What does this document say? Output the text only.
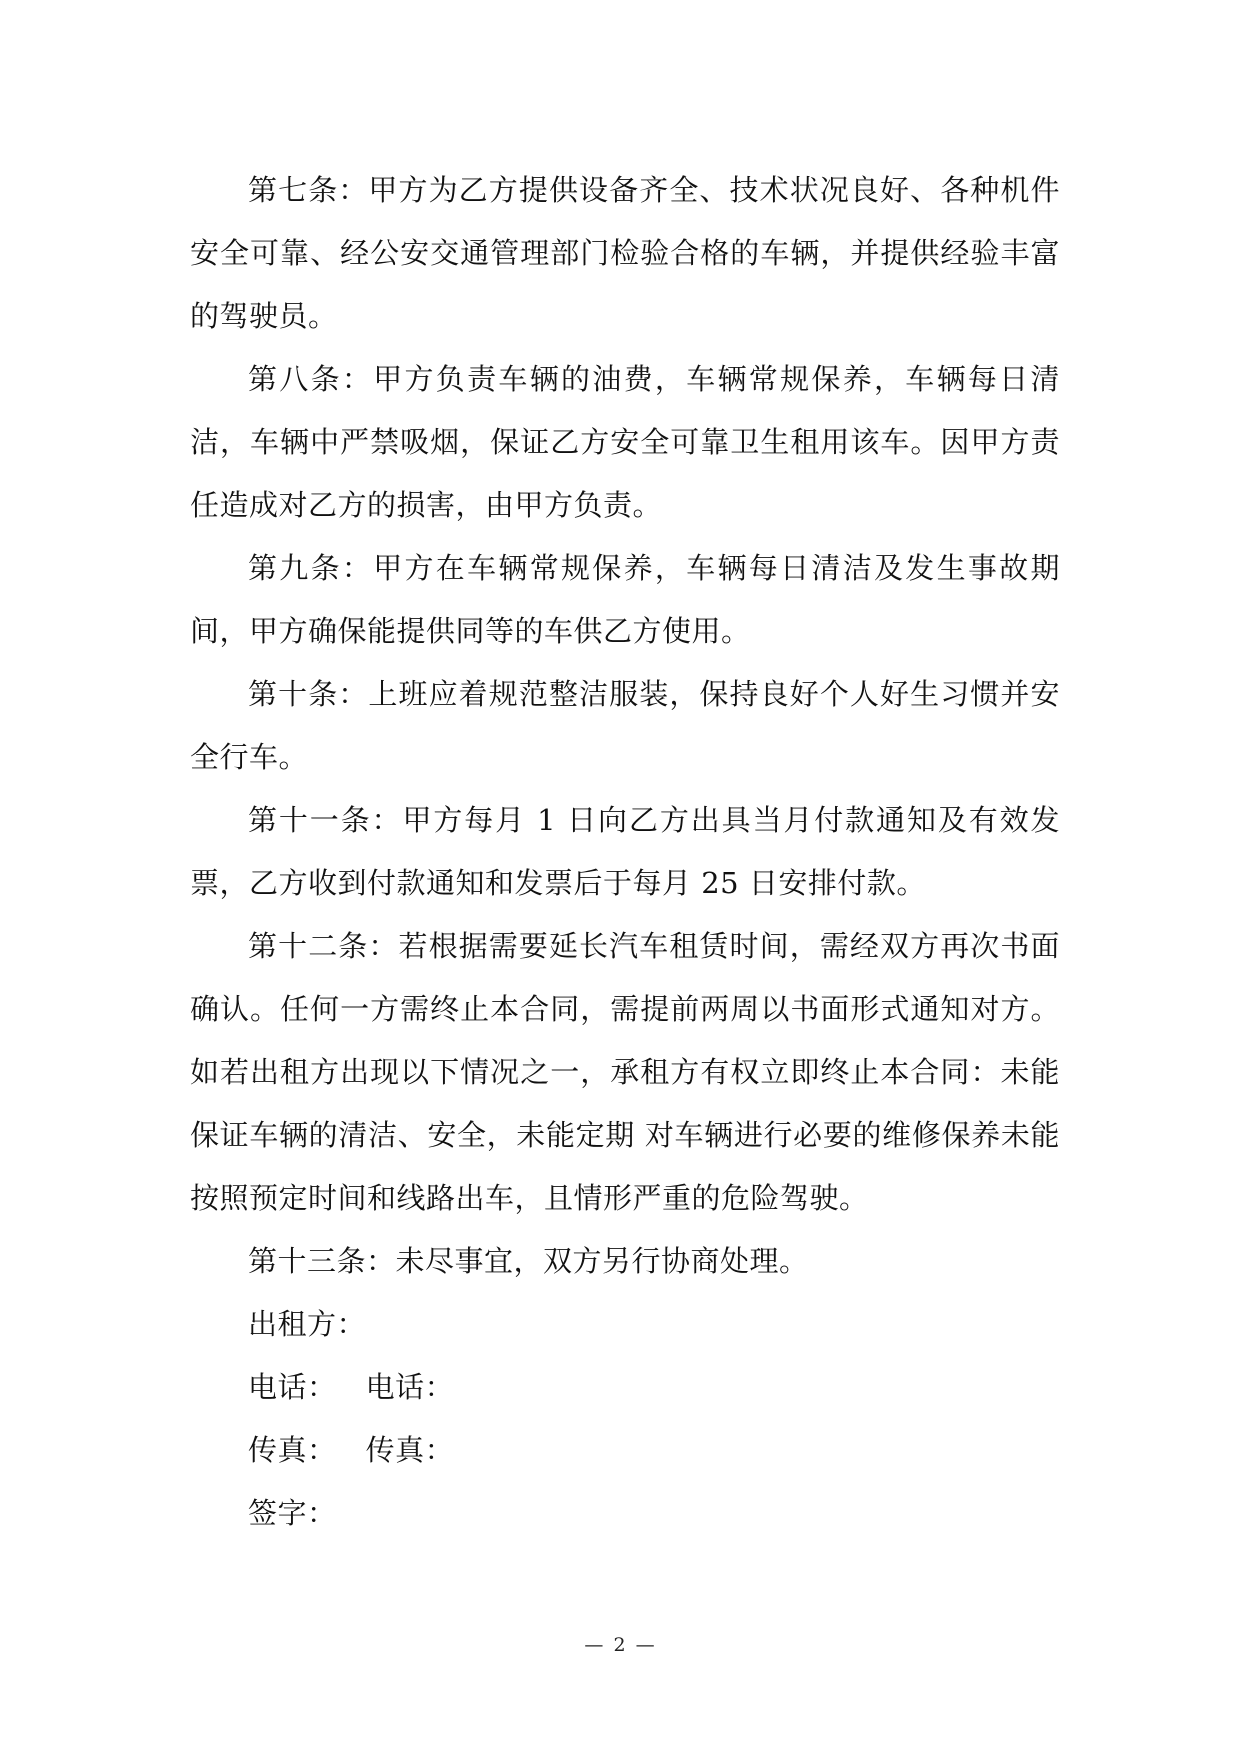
第七条：甲方为乙方提供设备齐全、技术状况良好、各种机件安全可靠、经公安交通管理部门检验合格的车辆，并提供经验丰富的驾驶员。

第八条：甲方负责车辆的油费，车辆常规保养，车辆每日清洁，车辆中严禁吸烟，保证乙方安全可靠卫生租用该车。因甲方责任造成对乙方的损害，由甲方负责。

第九条：甲方在车辆常规保养，车辆每日清洁及发生事故期间，甲方确保能提供同等的车供乙方使用。

第十条：上班应着规范整洁服装，保持良好个人好生习惯并安全行车。

第十一条：甲方每月 1 日向乙方出具当月付款通知及有效发票，乙方收到付款通知和发票后于每月 25 日安排付款。

第十二条：若根据需要延长汽车租赁时间，需经双方再次书面确认。任何一方需终止本合同，需提前两周以书面形式通知对方。如若出租方出现以下情况之一，承租方有权立即终止本合同：未能保证车辆的清洁、安全，未能定期 对车辆进行必要的维修保养未能按照预定时间和线路出车，且情形严重的危险驾驶。

第十三条：未尽事宜，双方另行协商处理。

出租方：
电话：   电话：
传真：   传真：
签字：
— 2 —
